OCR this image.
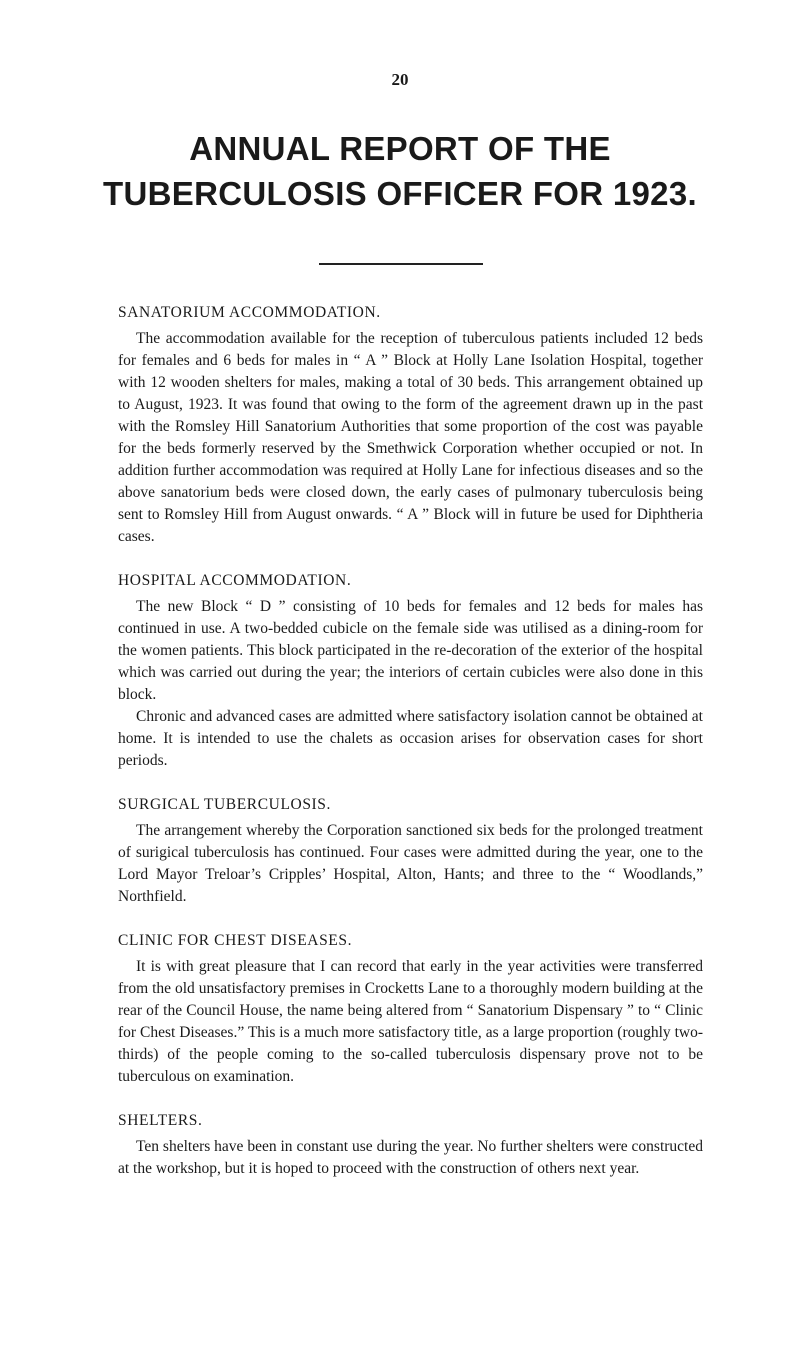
20
ANNUAL REPORT OF THE
TUBERCULOSIS OFFICER FOR 1923.
SANATORIUM ACCOMMODATION.

The accommodation available for the reception of tuberculous patients included 12 beds for females and 6 beds for males in “ A ” Block at Holly Lane Isolation Hospital, together with 12 wooden shelters for males, making a total of 30 beds. This arrangement obtained up to August, 1923. It was found that owing to the form of the agreement drawn up in the past with the Romsley Hill Sanatorium Authorities that some proportion of the cost was payable for the beds formerly reserved by the Smethwick Corporation whether occupied or not. In addition further accommodation was required at Holly Lane for infectious diseases and so the above sanatorium beds were closed down, the early cases of pulmonary tuberculosis being sent to Romsley Hill from August onwards. “ A ” Block will in future be used for Diphtheria cases.

HOSPITAL ACCOMMODATION.

The new Block “ D ” consisting of 10 beds for females and 12 beds for males has continued in use. A two-bedded cubicle on the female side was utilised as a dining-room for the women patients. This block participated in the re-decoration of the exterior of the hospital which was carried out during the year; the interiors of certain cubicles were also done in this block.

Chronic and advanced cases are admitted where satisfactory isolation cannot be obtained at home. It is intended to use the chalets as occasion arises for observation cases for short periods.

SURGICAL TUBERCULOSIS.

The arrangement whereby the Corporation sanctioned six beds for the prolonged treatment of surigical tuberculosis has continued. Four cases were admitted during the year, one to the Lord Mayor Treloar’s Cripples’ Hospital, Alton, Hants; and three to the “ Woodlands,” Northfield.

CLINIC FOR CHEST DISEASES.

It is with great pleasure that I can record that early in the year activities were transferred from the old unsatisfactory premises in Crocketts Lane to a thoroughly modern building at the rear of the Council House, the name being altered from “ Sanatorium Dispensary ” to “ Clinic for Chest Diseases.” This is a much more satisfactory title, as a large proportion (roughly two-thirds) of the people coming to the so-called tuberculosis dispensary prove not to be tuberculous on examination.

SHELTERS.

Ten shelters have been in constant use during the year. No further shelters were constructed at the workshop, but it is hoped to proceed with the construction of others next year.
